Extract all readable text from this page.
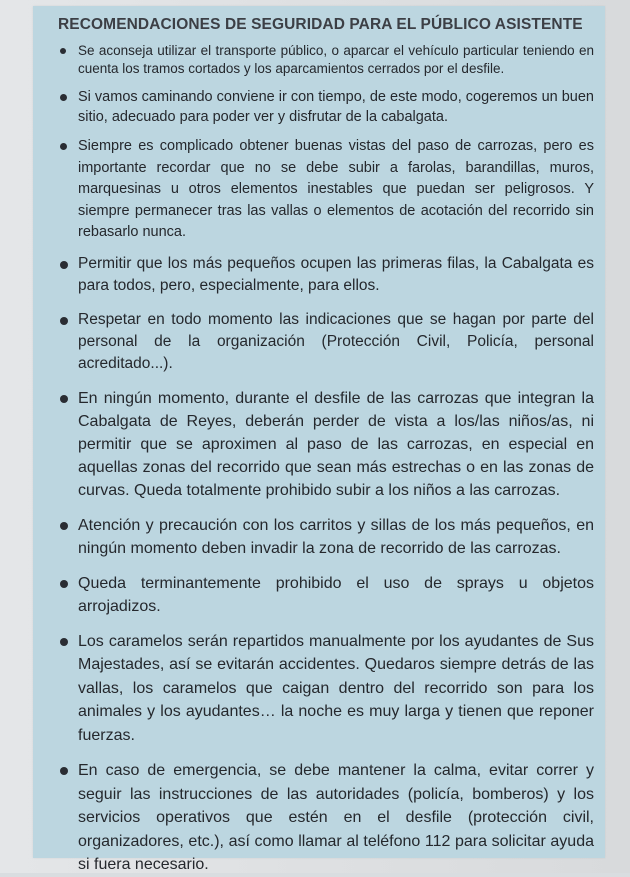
RECOMENDACIONES DE SEGURIDAD PARA EL PÚBLICO ASISTENTE
Se aconseja utilizar el transporte público, o aparcar el vehículo particular teniendo en cuenta los tramos cortados y los aparcamientos cerrados por el desfile.
Si vamos caminando conviene ir con tiempo, de este modo, cogeremos un buen sitio, adecuado para poder ver y disfrutar de la cabalgata.
Siempre es complicado obtener buenas vistas del paso de carrozas, pero es importante recordar que no se debe subir a farolas, barandillas, muros, marquesinas u otros elementos inestables que puedan ser peligrosos. Y siempre permanecer tras las vallas o elementos de acotación del recorrido sin rebasarlo nunca.
Permitir que los más pequeños ocupen las primeras filas, la Cabalgata es para todos, pero, especialmente, para ellos.
Respetar en todo momento las indicaciones que se hagan por parte del personal de la organización (Protección Civil, Policía, personal acreditado...).
En ningún momento, durante el desfile de las carrozas que integran la Cabalgata de Reyes, deberán perder de vista a los/las niños/as, ni permitir que se aproximen al paso de las carrozas, en especial en aquellas zonas del recorrido que sean más estrechas o en las zonas de curvas. Queda totalmente prohibido subir a los niños a las carrozas.
Atención y precaución con los carritos y sillas de los más pequeños, en ningún momento deben invadir la zona de recorrido de las carrozas.
Queda terminantemente prohibido el uso de sprays u objetos arrojadizos.
Los caramelos serán repartidos manualmente por los ayudantes de Sus Majestades, así se evitarán accidentes. Quedaros siempre detrás de las vallas, los caramelos que caigan dentro del recorrido son para los animales y los ayudantes… la noche es muy larga y tienen que reponer fuerzas.
En caso de emergencia, se debe mantener la calma, evitar correr y seguir las instrucciones de las autoridades (policía, bomberos) y los servicios operativos que estén en el desfile (protección civil, organizadores, etc.), así como llamar al teléfono 112 para solicitar ayuda si fuera necesario.
